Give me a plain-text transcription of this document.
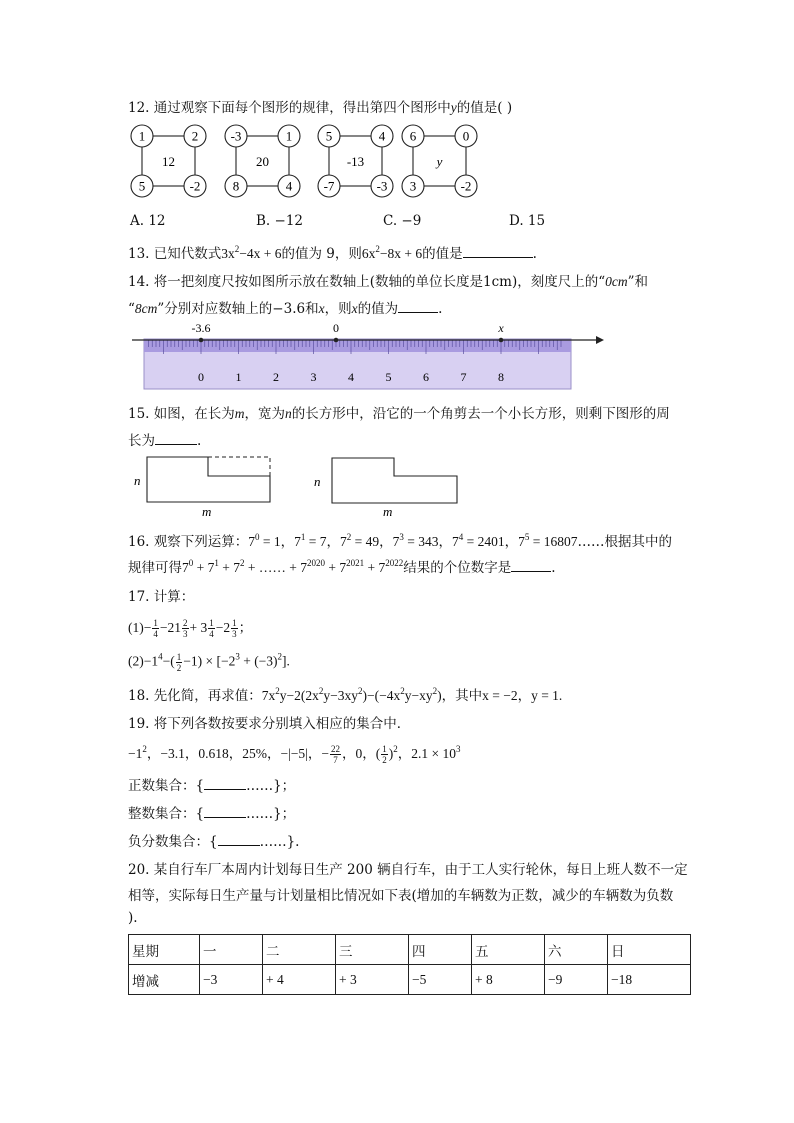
12. 通过观察下面每个图形的规律，得出第四个图形中y的值是( )
1	2
5	-2
12
-3	1
8	4
20
5	4
-7	-3
-13
6	0
3	-2
y
A. 12	B. −12	C. −9	D. 15
13. 已知代数式$3x^2-4x + 6$的值为 9，则$6x^2-8x + 6$的值是	.
14. 将一把刻度尺按如图所示放在数轴上(数轴的单位长度是1cm)，刻度尺上的“0cm”和
“8cm”分别对应数轴上的−3.6和x，则x的值为	.
-3.6	0	x
0	1	2	3	4	5	6	7	8
15. 如图，在长为m，宽为n的长方形中，沿它的一个角剪去一个小长方形，则剩下图形的周
长为	.
n
m
n
m
16. 观察下列运算：$7^0 = 1$，$7^1 = 7$，$7^2 = 49$，$7^3 = 343$，$7^4 = 2401$，$7^5$ = 16807……根据其中的
规律可得$7^0 + 7^1 + 7^2$ + …… + $7^{2020} + 7^{2021} + 7^{2022}$结果的个位数字是	.
17. 计算：
$(1)- \frac{1}{4} -21 \frac{2}{3} + 3 \frac{1}{4} -2 \frac{1}{3}$ ；
$(2)-1^4-( \frac{1}{2} -1) \times [-2^3 + (-3)^2]$.
18. 先化简，再求值：$7x^2y-2(2x^2y-3xy^2)-(-4x^2y-xy^2)$，其中x = −2，y = 1.
19. 将下列各数按要求分别填入相应的集合中．
$-1^2$，−3.1，0.618，25%，−|−5|，− $\frac{22}{7}$ ，0，( $\frac{1}{2} )^2$，$2.1 \times 10^3$
正数集合：{	……}；
整数集合：{	……}；
负分数集合：{	……}.
20. 某自行车厂本周内计划每日生产 200 辆自行车，由于工人实行轮休，每日上班人数不一定
相等，实际每日生产量与计划量相比情况如下表(增加的车辆数为正数，减少的车辆数为负数
).
星期	一	二	三	四	五	六	日
增减	−3	+ 4	+ 3	−5	+ 8	−9	−18
